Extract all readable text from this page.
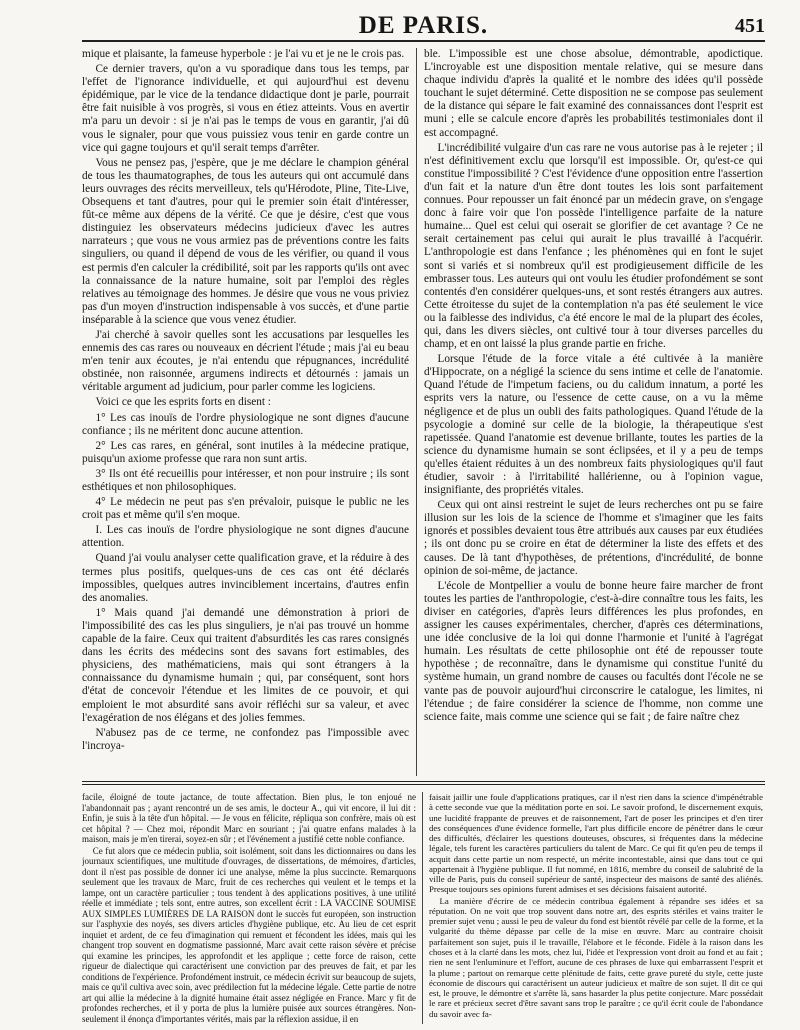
DE PARIS.	451

mique et plaisante, la fameuse hyperbole : je l'ai vu et je ne le crois pas.

Ce dernier travers, qu'on a vu sporadique dans tous les temps, par l'effet de l'ignorance individuelle, et qui aujourd'hui est devenu épidémique, par le vice de la tendance didactique dont je parle, pourrait être fait nuisible à vos progrès, si vous en étiez atteints. Vous en avertir m'a paru un devoir : si je n'ai pas le temps de vous en garantir, j'ai dû vous le signaler, pour que vous puissiez vous tenir en garde contre un vice qui gagne toujours et qu'il serait temps d'arrêter.

Vous ne pensez pas, j'espère, que je me déclare le champion général de tous les thaumatographes, de tous les auteurs qui ont accumulé dans leurs ouvrages des récits merveilleux, tels qu'Hérodote, Pline, Tite-Live, Obsequens et tant d'autres, pour qui le premier soin était d'intéresser, fût-ce même aux dépens de la vérité. Ce que je désire, c'est que vous distinguiez les observateurs médecins judicieux d'avec les autres narrateurs ; que vous ne vous armiez pas de préventions contre les faits singuliers, ou quand il dépend de vous de les vérifier, ou quand il vous est permis d'en calculer la crédibilité, soit par les rapports qu'ils ont avec la connaissance de la nature humaine, soit par l'emploi des règles relatives au témoignage des hommes. Je désire que vous ne vous priviez pas d'un moyen d'instruction indispensable à vos succès, et d'une partie inséparable à la science que vous venez étudier.

J'ai cherché à savoir quelles sont les accusations par lesquelles les ennemis des cas rares ou nouveaux en décrient l'étude ; mais j'ai eu beau m'en tenir aux écoutes, je n'ai entendu que répugnances, incrédulité obstinée, non raisonnée, argumens indirects et détournés : jamais un véritable argument ad judicium, pour parler comme les logiciens.

Voici ce que les esprits forts en disent :

1° Les cas inouïs de l'ordre physiologique ne sont dignes d'aucune confiance ; ils ne méritent donc aucune attention.

2° Les cas rares, en général, sont inutiles à la médecine pratique, puisqu'un axiome professe que rara non sunt artis.

3° Ils ont été recueillis pour intéresser, et non pour instruire ; ils sont esthétiques et non philosophiques.

4° Le médecin ne peut pas s'en prévaloir, puisque le public ne les croit pas et même qu'il s'en moque.

I. Les cas inouïs de l'ordre physiologique ne sont dignes d'aucune attention.

Quand j'ai voulu analyser cette qualification grave, et la réduire à des termes plus positifs, quelques-uns de ces cas ont été déclarés impossibles, quelques autres invinciblement incertains, d'autres enfin des anomalies.

1° Mais quand j'ai demandé une démonstration à priori de l'impossibilité des cas les plus singuliers, je n'ai pas trouvé un homme capable de la faire. Ceux qui traitent d'absurdités les cas rares consignés dans les écrits des médecins sont des savans fort estimables, des physiciens, des mathématiciens, mais qui sont étrangers à la connaissance du dynamisme humain ; qui, par conséquent, sont hors d'état de concevoir l'étendue et les limites de ce pouvoir, et qui emploient le mot absurdité sans avoir réfléchi sur sa valeur, et avec l'exagération de nos élégans et des jolies femmes.

N'abusez pas de ce terme, ne confondez pas l'impossible avec l'incroya-

ble. L'impossible est une chose absolue, démontrable, apodictique. L'incroyable est une disposition mentale relative, qui se mesure dans chaque individu d'après la qualité et le nombre des idées qu'il possède touchant le sujet déterminé. Cette disposition ne se compose pas seulement de la distance qui sépare le fait examiné des connaissances dont l'esprit est muni ; elle se calcule encore d'après les probabilités testimoniales dont il est accompagné.

L'incrédibilité vulgaire d'un cas rare ne vous autorise pas à le rejeter ; il n'est définitivement exclu que lorsqu'il est impossible. Or, qu'est-ce qui constitue l'impossibilité ? C'est l'évidence d'une opposition entre l'assertion d'un fait et la nature d'un être dont toutes les lois sont parfaitement connues. Pour repousser un fait énoncé par un médecin grave, on s'engage donc à faire voir que l'on possède l'intelligence parfaite de la nature humaine... Quel est celui qui oserait se glorifier de cet avantage ? Ce ne serait certainement pas celui qui aurait le plus travaillé à l'acquérir. L'anthropologie est dans l'enfance ; les phénomènes qui en font le sujet sont si variés et si nombreux qu'il est prodigieusement difficile de les embrasser tous. Les auteurs qui ont voulu les étudier profondément se sont contentés d'en considérer quelques-uns, et sont restés étrangers aux autres. Cette étroitesse du sujet de la contemplation n'a pas été seulement le vice ou la faiblesse des individus, c'a été encore le mal de la plupart des écoles, qui, dans les divers siècles, ont cultivé tour à tour diverses parcelles du champ, et en ont laissé la plus grande partie en friche.

Lorsque l'étude de la force vitale a été cultivée à la manière d'Hippocrate, on a négligé la science du sens intime et celle de l'anatomie. Quand l'étude de l'impetum faciens, ou du calidum innatum, a porté les esprits vers la nature, ou l'essence de cette cause, on a vu la même négligence et de plus un oubli des faits pathologiques. Quand l'étude de la psycologie a dominé sur celle de la biologie, la thérapeutique s'est rapetissée. Quand l'anatomie est devenue brillante, toutes les parties de la science du dynamisme humain se sont éclipsées, et il y a peu de temps qu'elles étaient réduites à un des nombreux faits physiologiques qu'il faut étudier, savoir : à l'irritabilité hallérienne, ou à l'opinion vague, insignifiante, des propriétés vitales.

Ceux qui ont ainsi restreint le sujet de leurs recherches ont pu se faire illusion sur les lois de la science de l'homme et s'imaginer que les faits ignorés et possibles devaient tous être attribués aux causes par eux étudiées ; ils ont donc pu se croire en état de déterminer la liste des effets et des causes. De là tant d'hypothèses, de prétentions, d'incrédulité, de bonne opinion de soi-même, de jactance.

L'école de Montpellier a voulu de bonne heure faire marcher de front toutes les parties de l'anthropologie, c'est-à-dire connaître tous les faits, les diviser en catégories, d'après leurs différences les plus profondes, en assigner les causes expérimentales, chercher, d'après ces déterminations, une idée conclusive de la loi qui donne l'harmonie et l'unité à l'agrégat humain. Les résultats de cette philosophie ont été de repousser toute hypothèse ; de reconnaître, dans le dynamisme qui constitue l'unité du système humain, un grand nombre de causes ou facultés dont l'école ne se vante pas de pouvoir aujourd'hui circonscrire le catalogue, les limites, ni l'étendue ; de faire considérer la science de l'homme, non comme une science faite, mais comme une science qui se fait ; de faire naître chez

facile, éloigné de toute jactance, de toute affectation. Bien plus, le ton enjoué ne l'abandonnait pas ; ayant rencontré un de ses amis, le docteur A., qui vit encore, il lui dit : Enfin, je suis à la tête d'un hôpital. — Je vous en félicite, répliqua son confrère, mais où est cet hôpital ? — Chez moi, répondit Marc en souriant ; j'ai quatre enfans malades à la maison, mais je m'en tirerai, soyez-en sûr ; et l'événement a justifié cette noble confiance.

Ce fut alors que ce médecin publia, soit isolément, soit dans les dictionnaires ou dans les journaux scientifiques, une multitude d'ouvrages, de dissertations, de mémoires, d'articles, dont il n'est pas possible de donner ici une analyse, même la plus succincte. Remarquons seulement que les travaux de Marc, fruit de ces recherches qui veulent et le temps et la lampe, ont un caractère particulier ; tous tendent à des applications positives, à une utilité réelle et immédiate ; tels sont, entre autres, son excellent écrit : LA VACCINE SOUMISE AUX SIMPLES LUMIÈRES DE LA RAISON dont le succès fut européen, son instruction sur l'asphyxie des noyés, ses divers articles d'hygiène publique, etc. Au lieu de cet esprit inquiet et ardent, de ce feu d'imagination qui remuent et fécondent les idées, mais qui les changent trop souvent en dogmatisme passionné, Marc avait cette raison sévère et précise qui examine les principes, les approfondit et les applique ; cette force de raison, cette rigueur de dialectique qui caractérisent une conviction par des preuves de fait, et par les conditions de l'expérience. Profondément instruit, ce médecin écrivit sur beaucoup de sujets, mais ce qu'il cultiva avec soin, avec prédilection fut la médecine légale. Cette partie de notre art qui allie la médecine à la dignité humaine était assez négligée en France. Marc y fit de profondes recherches, et il y porta de plus la lumière puisée aux sources étrangères. Non-seulement il énonça d'importantes vérités, mais par la réflexion assidue, il en

faisait jaillir une foule d'applications pratiques, car il n'est rien dans la science d'impénétrable à cette seconde vue que la méditation porte en soi. Le savoir profond, le discernement exquis, une lucidité frappante de preuves et de raisonnement, l'art de poser les principes et d'en tirer des conséquences d'une évidence formelle, l'art plus difficile encore de pénétrer dans le cœur des difficultés, d'éclairer les questions douteuses, obscures, si fréquentes dans la médecine légale, tels furent les caractères particuliers du talent de Marc. Ce qui fit qu'en peu de temps il acquit dans cette partie un nom respecté, un mérite incontestable, ainsi que dans tout ce qui appartenait à l'hygiène publique. Il fut nommé, en 1816, membre du conseil de salubrité de la ville de Paris, puis du conseil supérieur de santé, inspecteur des maisons de santé des aliénés. Presque toujours ses opinions furent admises et ses décisions faisaient autorité.

La manière d'écrire de ce médecin contribua également à répandre ses idées et sa réputation. On ne voit que trop souvent dans notre art, des esprits stériles et vains traiter le premier sujet venu ; aussi le peu de valeur du fond est bientôt révélé par celle de la forme, et la vulgarité du thème dépasse par celle de la mise en œuvre. Marc au contraire choisit parfaitement son sujet, puis il le travaille, l'élabore et le féconde. Fidèle à la raison dans les choses et à la clarté dans les mots, chez lui, l'idée et l'expression vont droit au fond et au fait ; rien ne sent l'enluminure et l'effort, aucune de ces phrases de luxe qui embarrassent l'esprit et la plume ; partout on remarque cette plénitude de faits, cette grave pureté du style, cette juste économie de discours qui caractérisent un auteur judicieux et maître de son sujet. Il dit ce qui est, le prouve, le démontre et s'arrête là, sans hasarder la plus petite conjecture. Marc possédait le rare et précieux secret d'être savant sans trop le paraître ; ce qu'il écrit coule de l'abondance du savoir avec fa-
